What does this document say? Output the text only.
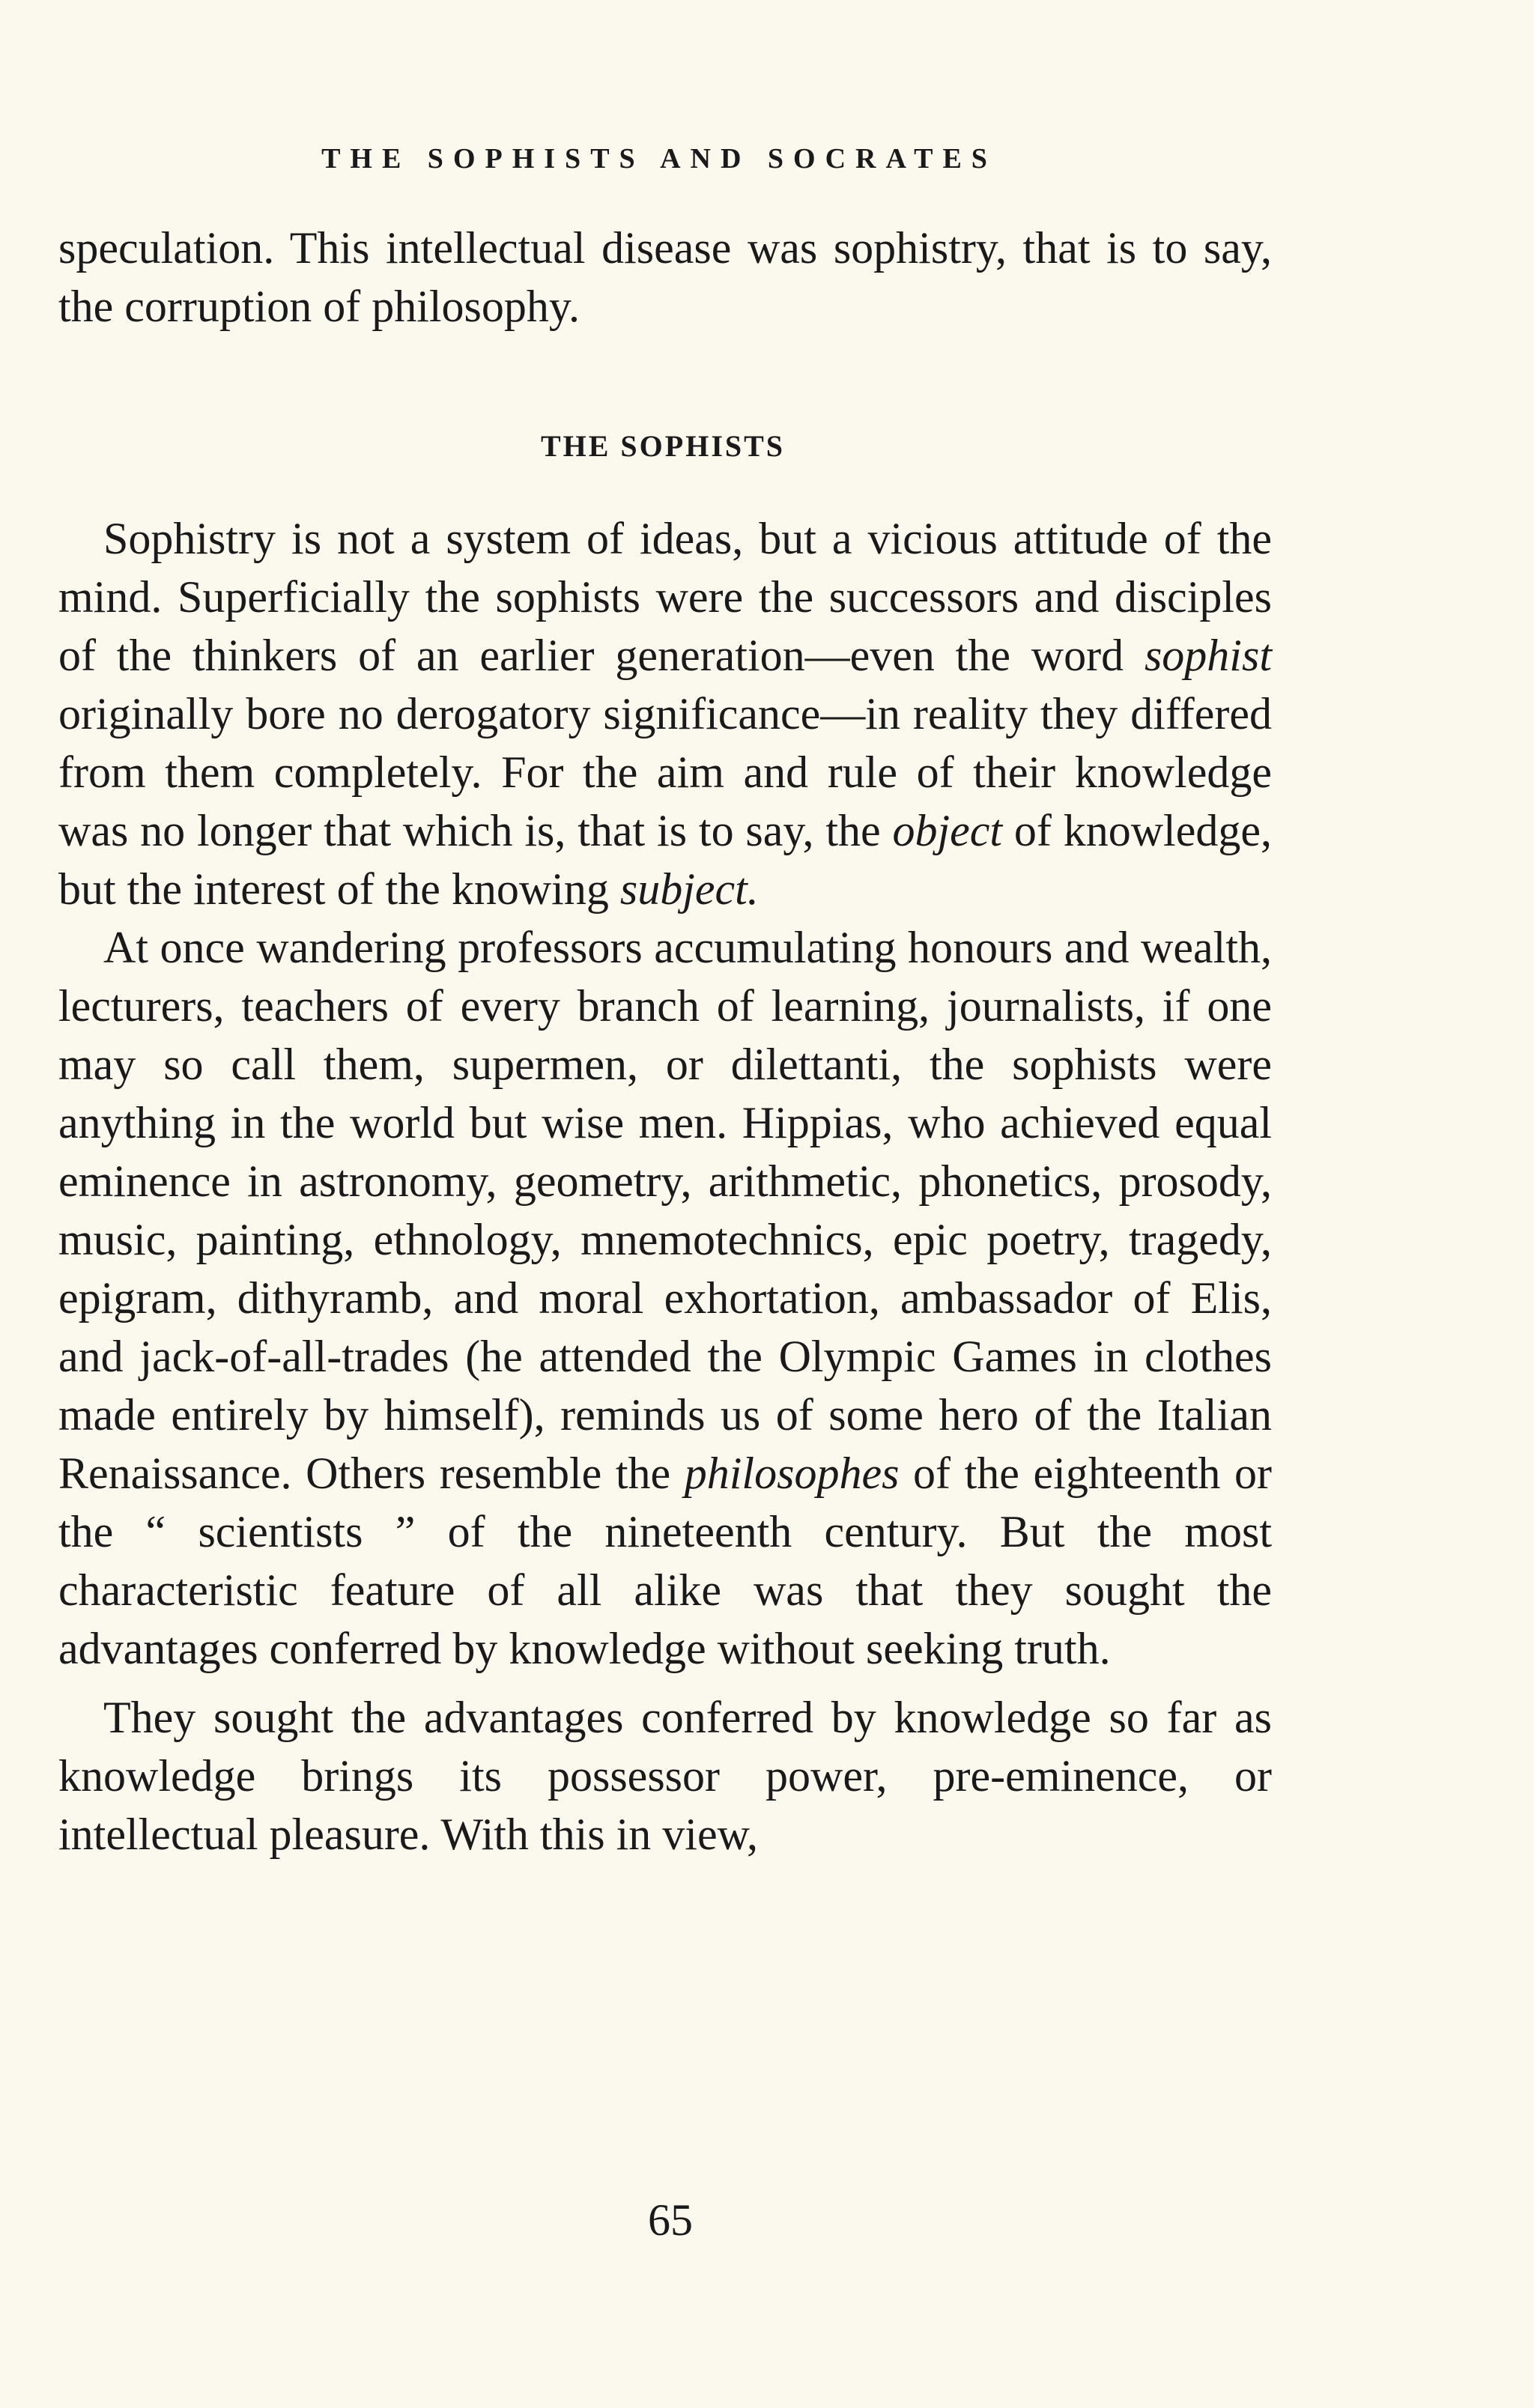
THE SOPHISTS AND SOCRATES

speculation. This intellectual disease was sophistry, that is to say, the corruption of philosophy.

THE SOPHISTS

Sophistry is not a system of ideas, but a vicious attitude of the mind. Superficially the sophists were the successors and disciples of the thinkers of an earlier generation—even the word sophist originally bore no derogatory significance—in reality they differed from them completely. For the aim and rule of their knowledge was no longer that which is, that is to say, the object of knowledge, but the interest of the knowing subject.

At once wandering professors accumulating honours and wealth, lecturers, teachers of every branch of learning, journalists, if one may so call them, supermen, or dilettanti, the sophists were anything in the world but wise men. Hippias, who achieved equal eminence in astronomy, geometry, arithmetic, phonetics, prosody, music, painting, ethnology, mnemotechnics, epic poetry, tragedy, epigram, dithyramb, and moral exhortation, ambassador of Elis, and jack-of-all-trades (he attended the Olympic Games in clothes made entirely by himself), reminds us of some hero of the Italian Renaissance. Others resemble the philosophes of the eighteenth or the “ scientists ” of the nineteenth century. But the most characteristic feature of all alike was that they sought the advantages conferred by knowledge without seeking truth.

They sought the advantages conferred by knowledge so far as knowledge brings its possessor power, pre-eminence, or intellectual pleasure. With this in view,

65
